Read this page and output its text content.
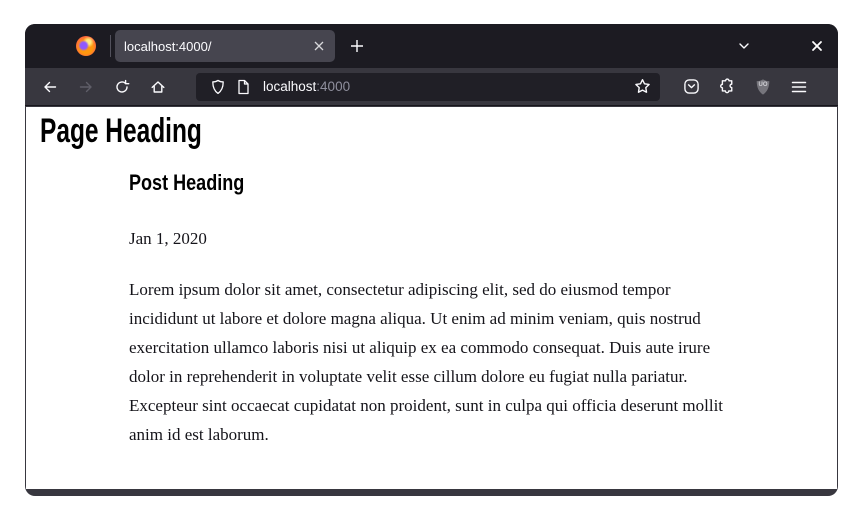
localhost:4000/
localhost:4000	UO
Page Heading
Post Heading
Jan 1, 2020

Lorem ipsum dolor sit amet, consectetur adipiscing elit, sed do eiusmod tempor incididunt ut labore et dolore magna aliqua. Ut enim ad minim veniam, quis nostrud exercitation ullamco laboris nisi ut aliquip ex ea commodo consequat. Duis aute irure dolor in reprehenderit in voluptate velit esse cillum dolore eu fugiat nulla pariatur. Excepteur sint occaecat cupidatat non proident, sunt in culpa qui officia deserunt mollit anim id est laborum.
